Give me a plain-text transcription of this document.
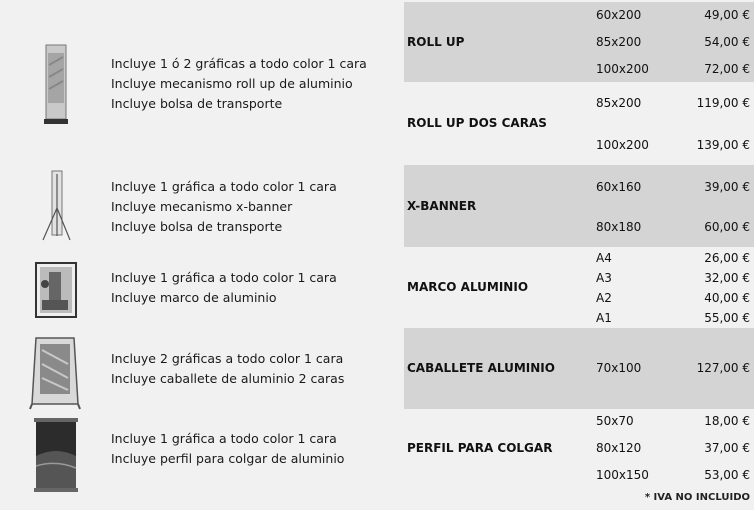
Incluye 1 ó 2 gráficas a todo color 1 cara
Incluye mecanismo roll up de aluminio
Incluye bolsa de transporte
ROLL UP
60x200	49,00 €
85x200	54,00 €
100x200	72,00 €
ROLL UP DOS CARAS
85x200	119,00 €
100x200	139,00 €
Incluye 1 gráfica a todo color 1 cara
Incluye mecanismo x-banner
Incluye bolsa de transporte
X-BANNER
60x160	39,00 €
80x180	60,00 €
Incluye 1 gráfica a todo color 1 cara
Incluye marco de aluminio
MARCO ALUMINIO
A4	26,00 €
A3	32,00 €
A2	40,00 €
A1	55,00 €
Incluye 2 gráficas a todo color 1 cara
Incluye caballete de aluminio 2 caras
CABALLETE ALUMINIO	70x100	127,00 €
Incluye 1 gráfica a todo color 1 cara
Incluye perfil para colgar de aluminio
PERFIL PARA COLGAR
50x70	18,00 €
80x120	37,00 €
100x150	53,00 €
* IVA NO INCLUIDO
